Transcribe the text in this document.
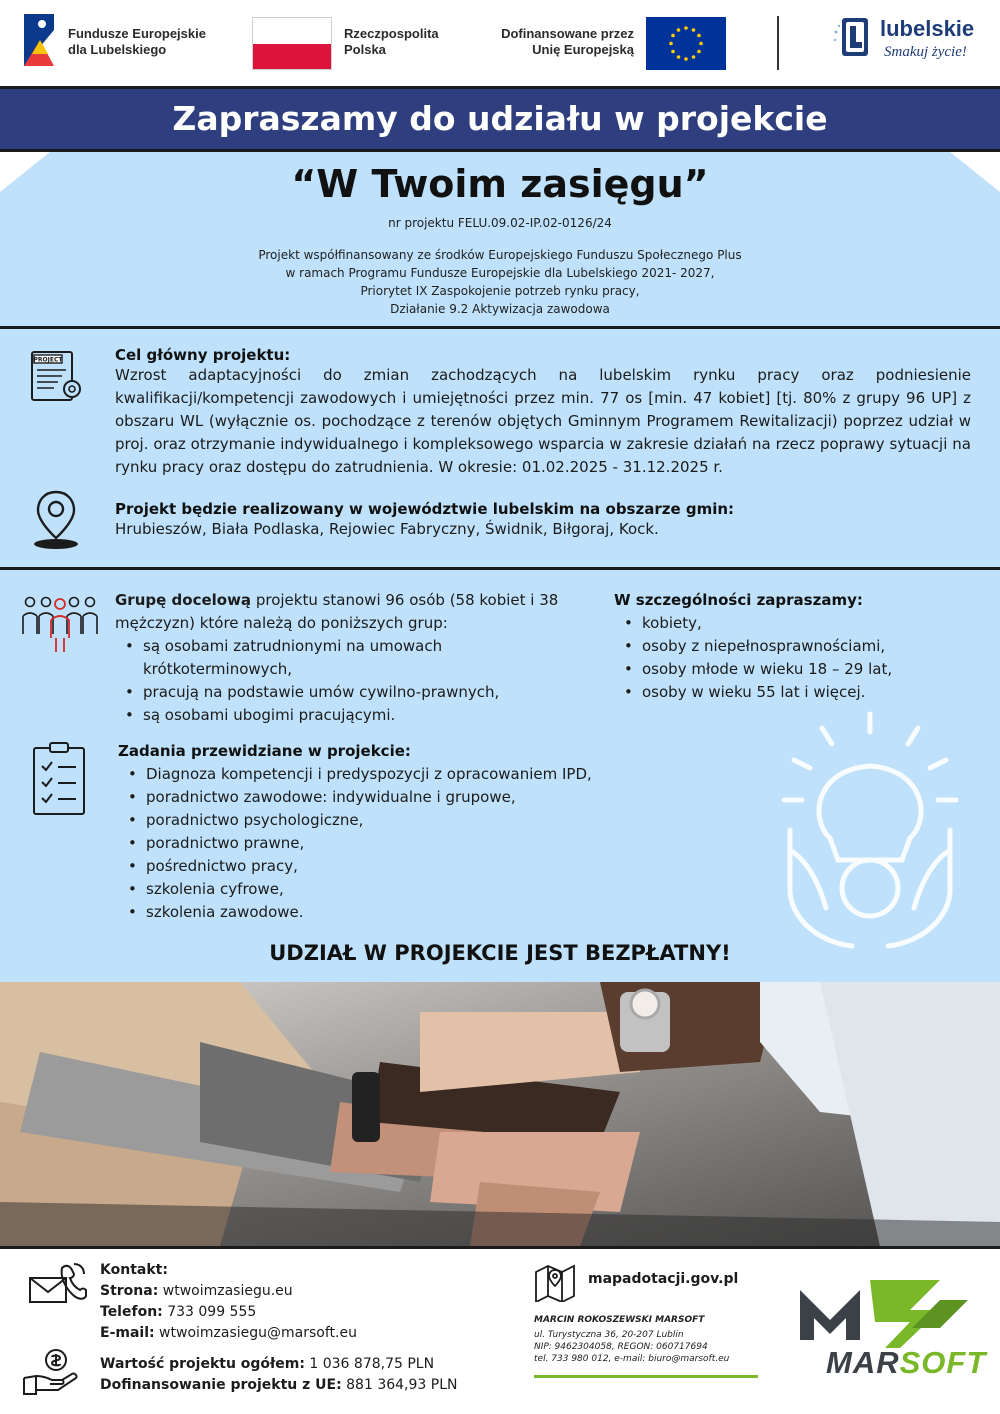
Fundusze Europejskie
dla Lubelskiego
Rzeczpospolita
Polska
Dofinansowane przez
Unię Europejską
lubelskie
Smakuj życie!
Zapraszamy do udziału w projekcie
“W Twoim zasięgu”
nr projektu FELU.09.02-IP.02-0126/24
Projekt współfinansowany ze środków Europejskiego Funduszu Społecznego Plus
w ramach Programu Fundusze Europejskie dla Lubelskiego 2021- 2027,
Priorytet IX Zaspokojenie potrzeb rynku pracy,
Działanie 9.2 Aktywizacja zawodowa
PROJECT	Cel główny projektu:
Wzrost adaptacyjności do zmian zachodzących na lubelskim rynku pracy oraz podniesienie kwalifikacji/kompetencji zawodowych i umiejętności przez min. 77 os [min. 47 kobiet] [tj. 80% z grupy 96 UP] z obszaru WL (wyłącznie os. pochodzące z terenów objętych Gminnym Programem Rewitalizacji) poprzez udział w proj. oraz otrzymanie indywidualnego i kompleksowego wsparcia w zakresie działań na rzecz poprawy sytuacji na rynku pracy oraz dostępu do zatrudnienia. W okresie: 01.02.2025 - 31.12.2025 r.
Projekt będzie realizowany w województwie lubelskim na obszarze gmin:
Hrubieszów, Biała Podlaska, Rejowiec Fabryczny, Świdnik, Biłgoraj, Kock.
Grupę docelową projektu stanowi 96 osób (58 kobiet i 38 mężczyzn) które należą do poniższych grup:
• są osobami zatrudnionymi na umowach krótkoterminowych,
• pracują na podstawie umów cywilno-prawnych,
• są osobami ubogimi pracującymi.
W szczególności zapraszamy:
• kobiety,
• osoby z niepełnosprawnościami,
• osoby młode w wieku 18 – 29 lat,
• osoby w wieku 55 lat i więcej.
Zadania przewidziane w projekcie:
• Diagnoza kompetencji i predyspozycji z opracowaniem IPD,
• poradnictwo zawodowe: indywidualne i grupowe,
• poradnictwo psychologiczne,
• poradnictwo prawne,
• pośrednictwo pracy,
• szkolenia cyfrowe,
• szkolenia zawodowe.
UDZIAŁ W PROJEKCIE JEST BEZPŁATNY!
Kontakt:
Strona: wtwoimzasiegu.eu
Telefon: 733 099 555
E-mail: wtwoimzasiegu@marsoft.eu
Wartość projektu ogółem: 1 036 878,75 PLN
Dofinansowanie projektu z UE: 881 364,93 PLN
mapadotacji.gov.pl
MARCIN ROKOSZEWSKI MARSOFT
ul. Turystyczna 36, 20-207 Lublin
NIP: 9462304058, REGON: 060717694
tel. 733 980 012, e-mail: biuro@marsoft.eu	MARSOFT
